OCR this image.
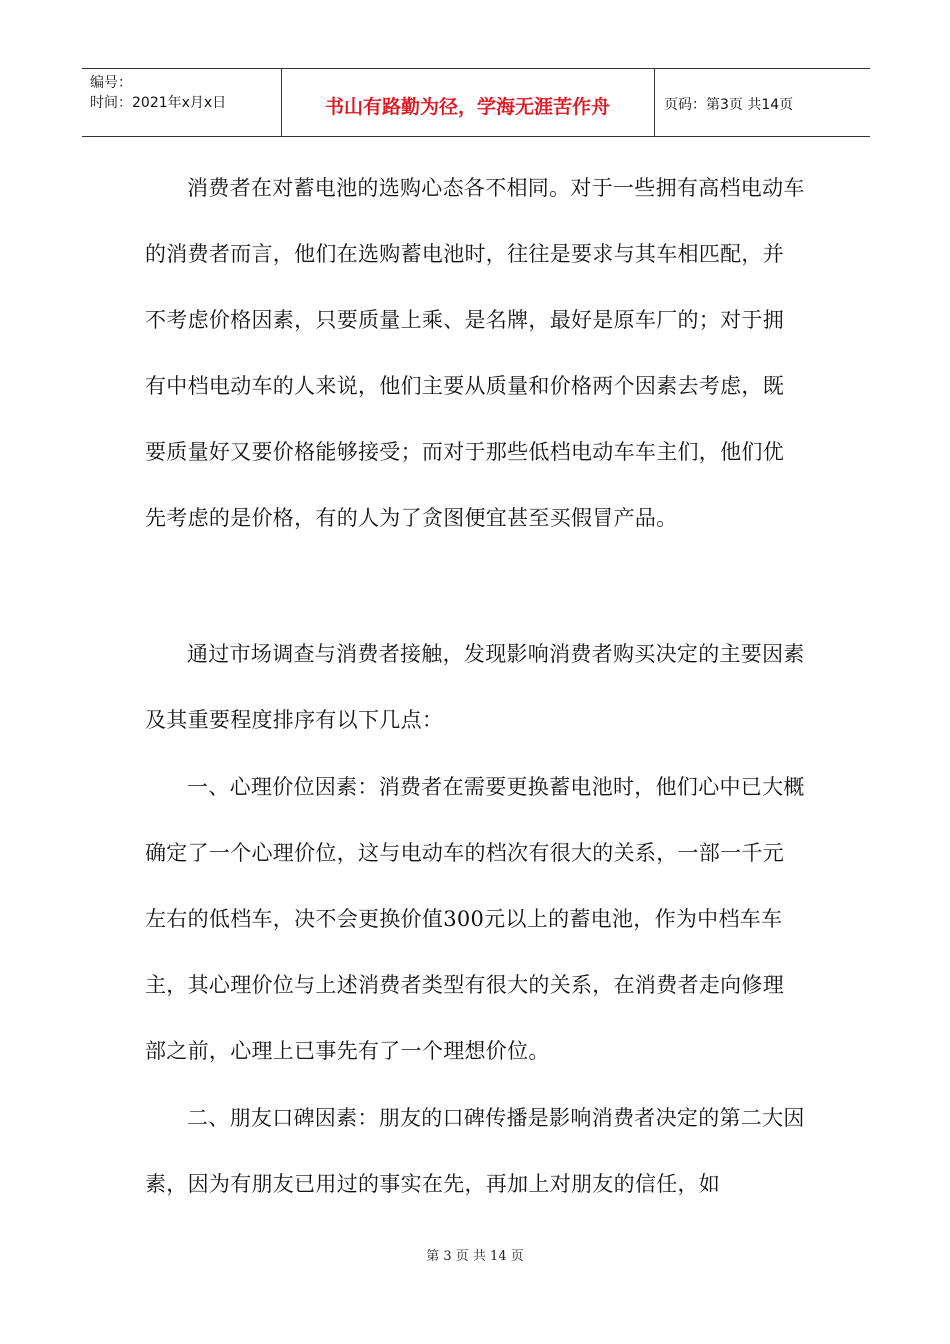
编号：
时间：2021年x月x日	书山有路勤为径，学海无涯苦作舟	页码：第3页 共14页

消费者在对蓄电池的选购心态各不相同。对于一些拥有高档电动车的消费者而言，他们在选购蓄电池时，往往是要求与其车相匹配，并不考虑价格因素，只要质量上乘、是名牌，最好是原车厂的；对于拥有中档电动车的人来说，他们主要从质量和价格两个因素去考虑，既要质量好又要价格能够接受；而对于那些低档电动车车主们，他们优先考虑的是价格，有的人为了贪图便宜甚至买假冒产品。

通过市场调查与消费者接触，发现影响消费者购买决定的主要因素及其重要程度排序有以下几点：

一、心理价位因素：消费者在需要更换蓄电池时，他们心中已大概确定了一个心理价位，这与电动车的档次有很大的关系，一部一千元左右的低档车，决不会更换价值300元以上的蓄电池，作为中档车车主，其心理价位与上述消费者类型有很大的关系，在消费者走向修理部之前，心理上已事先有了一个理想价位。

二、朋友口碑因素：朋友的口碑传播是影响消费者决定的第二大因素，因为有朋友已用过的事实在先，再加上对朋友的信任，如

第 3 页 共 14 页
